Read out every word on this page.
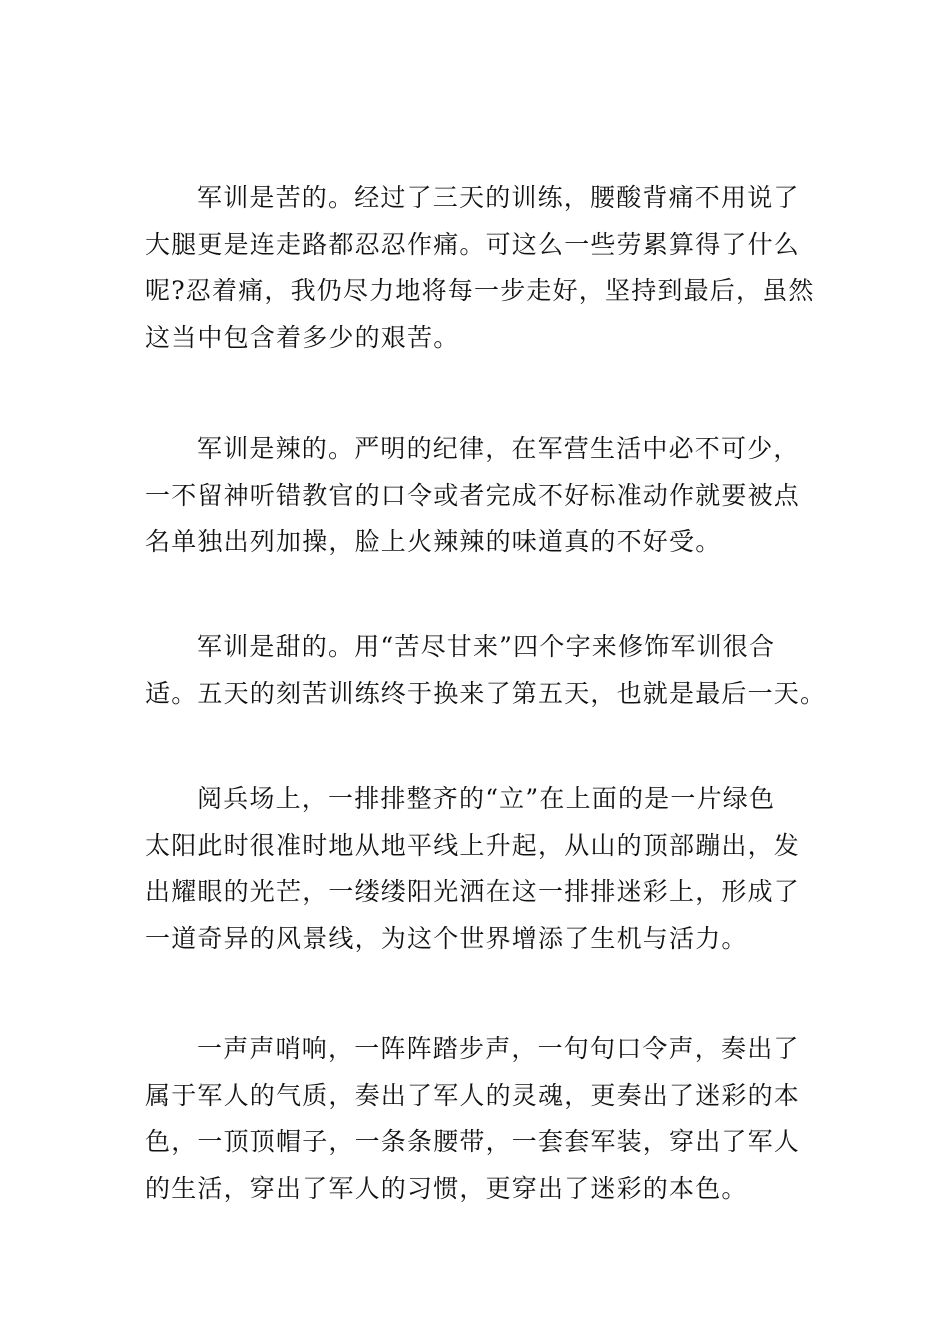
军训是苦的。经过了三天的训练，腰酸背痛不用说了
大腿更是连走路都忍忍作痛。可这么一些劳累算得了什么
呢?忍着痛，我仍尽力地将每一步走好，坚持到最后，虽然
这当中包含着多少的艰苦。
军训是辣的。严明的纪律，在军营生活中必不可少，
一不留神听错教官的口令或者完成不好标准动作就要被点
名单独出列加操，脸上火辣辣的味道真的不好受。
军训是甜的。用“苦尽甘来”四个字来修饰军训很合
适。五天的刻苦训练终于换来了第五天，也就是最后一天。
阅兵场上，一排排整齐的“立”在上面的是一片绿色
太阳此时很准时地从地平线上升起，从山的顶部蹦出，发
出耀眼的光芒，一缕缕阳光洒在这一排排迷彩上，形成了
一道奇异的风景线，为这个世界增添了生机与活力。
一声声哨响，一阵阵踏步声，一句句口令声，奏出了
属于军人的气质，奏出了军人的灵魂，更奏出了迷彩的本
色，一顶顶帽子，一条条腰带，一套套军装，穿出了军人
的生活，穿出了军人的习惯，更穿出了迷彩的本色。
